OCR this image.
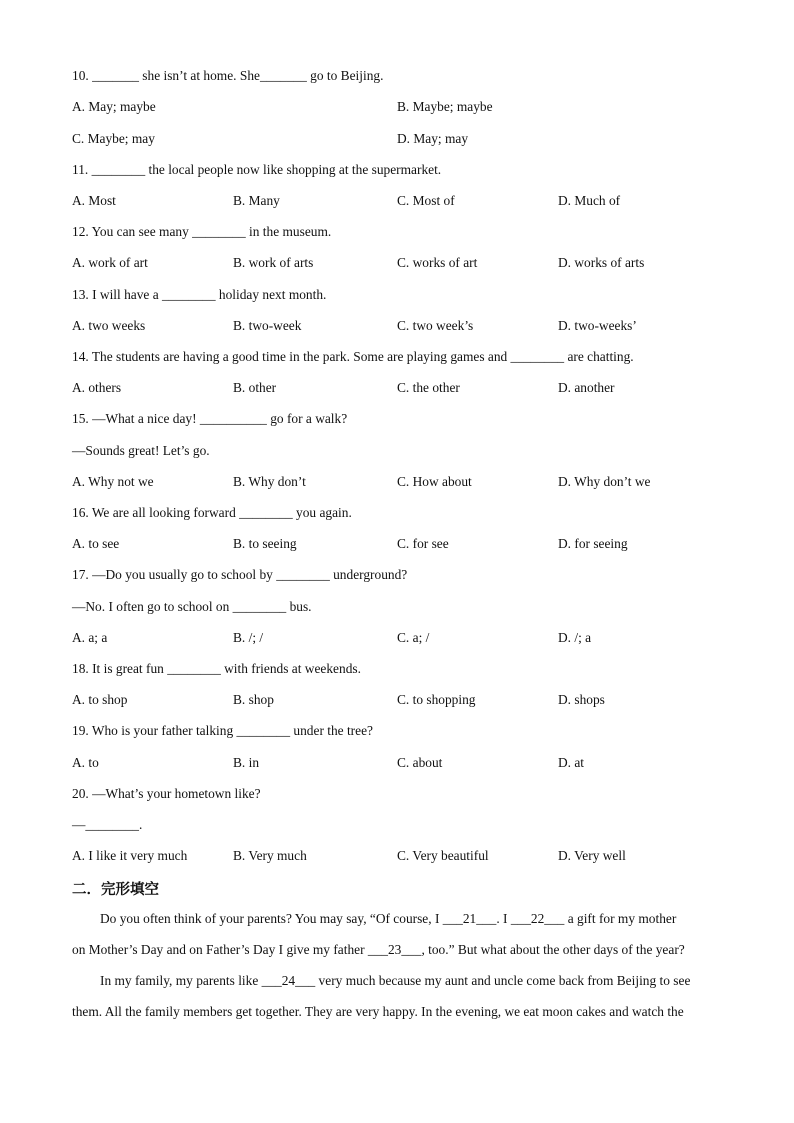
10. _______ she isn’t at home. She_______ go to Beijing.
A. May; maybe	B. Maybe; maybe
C. Maybe; may	D. May; may
11. ________ the local people now like shopping at the supermarket.
A. Most	B. Many	C. Most of	D. Much of
12. You can see many ________ in the museum.
A. work of art	B. work of arts	C. works of art	D. works of arts
13. I will have a ________ holiday next month.
A. two weeks	B. two-week	C. two week’s	D. two-weeks’
14. The students are having a good time in the park. Some are playing games and ________ are chatting.
A. others	B. other	C. the other	D. another
15. —What a nice day! __________ go for a walk?
—Sounds great! Let’s go.
A. Why not we	B. Why don’t	C. How about	D. Why don’t we
16. We are all looking forward ________ you again.
A. to see	B. to seeing	C. for see	D. for seeing
17. —Do you usually go to school by ________ underground?
—No. I often go to school on ________ bus.
A. a; a	B. /; /	C. a; /	D. /; a
18. It is great fun ________ with friends at weekends.
A. to shop	B. shop	C. to shopping	D. shops
19. Who is your father talking ________ under the tree?
A. to	B. in	C. about	D. at
20. —What’s your hometown like?
—________.
A. I like it very much	B. Very much	C. Very beautiful	D. Very well
二．完形填空
Do you often think of your parents? You may say, “Of course, I ___21___. I ___22___ a gift for my mother
on Mother’s Day and on Father’s Day I give my father ___23___, too.” But what about the other days of the year?
In my family, my parents like ___24___ very much because my aunt and uncle come back from Beijing to see
them. All the family members get together. They are very happy. In the evening, we eat moon cakes and watch the
